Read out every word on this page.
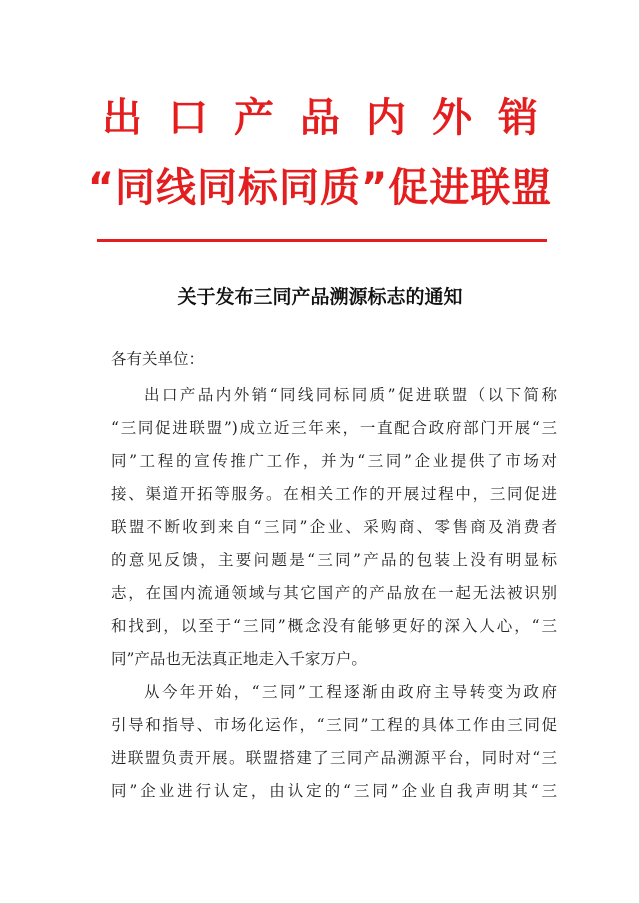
出口产品内外销
“同线同标同质”促进联盟
关于发布三同产品溯源标志的通知
各有关单位：
出口产品内外销“同线同标同质”促进联盟（以下简称
“三同促进联盟”)成立近三年来，一直配合政府部门开展“三
同”工程的宣传推广工作，并为“三同”企业提供了市场对
接、渠道开拓等服务。在相关工作的开展过程中，三同促进
联盟不断收到来自“三同”企业、采购商、零售商及消费者
的意见反馈，主要问题是“三同”产品的包装上没有明显标
志，在国内流通领域与其它国产的产品放在一起无法被识别
和找到，以至于“三同”概念没有能够更好的深入人心，“三
同”产品也无法真正地走入千家万户。
从今年开始，“三同”工程逐渐由政府主导转变为政府
引导和指导、市场化运作，“三同”工程的具体工作由三同促
进联盟负责开展。联盟搭建了三同产品溯源平台，同时对“三
同”企业进行认定，由认定的“三同”企业自我声明其“三
